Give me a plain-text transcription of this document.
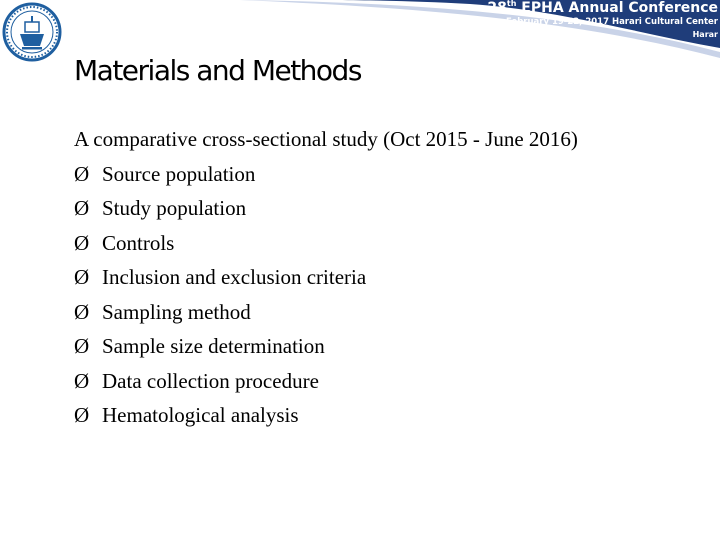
28th EPHA Annual Conference
February 19-22, 2017 Harari Cultural Center
Harar
Materials and Methods
A comparative cross-sectional study (Oct 2015 - June 2016)
Ø Source population
Ø Study population
Ø Controls
Ø Inclusion and exclusion criteria
Ø Sampling method
Ø Sample size determination
Ø Data collection procedure
Ø Hematological analysis
